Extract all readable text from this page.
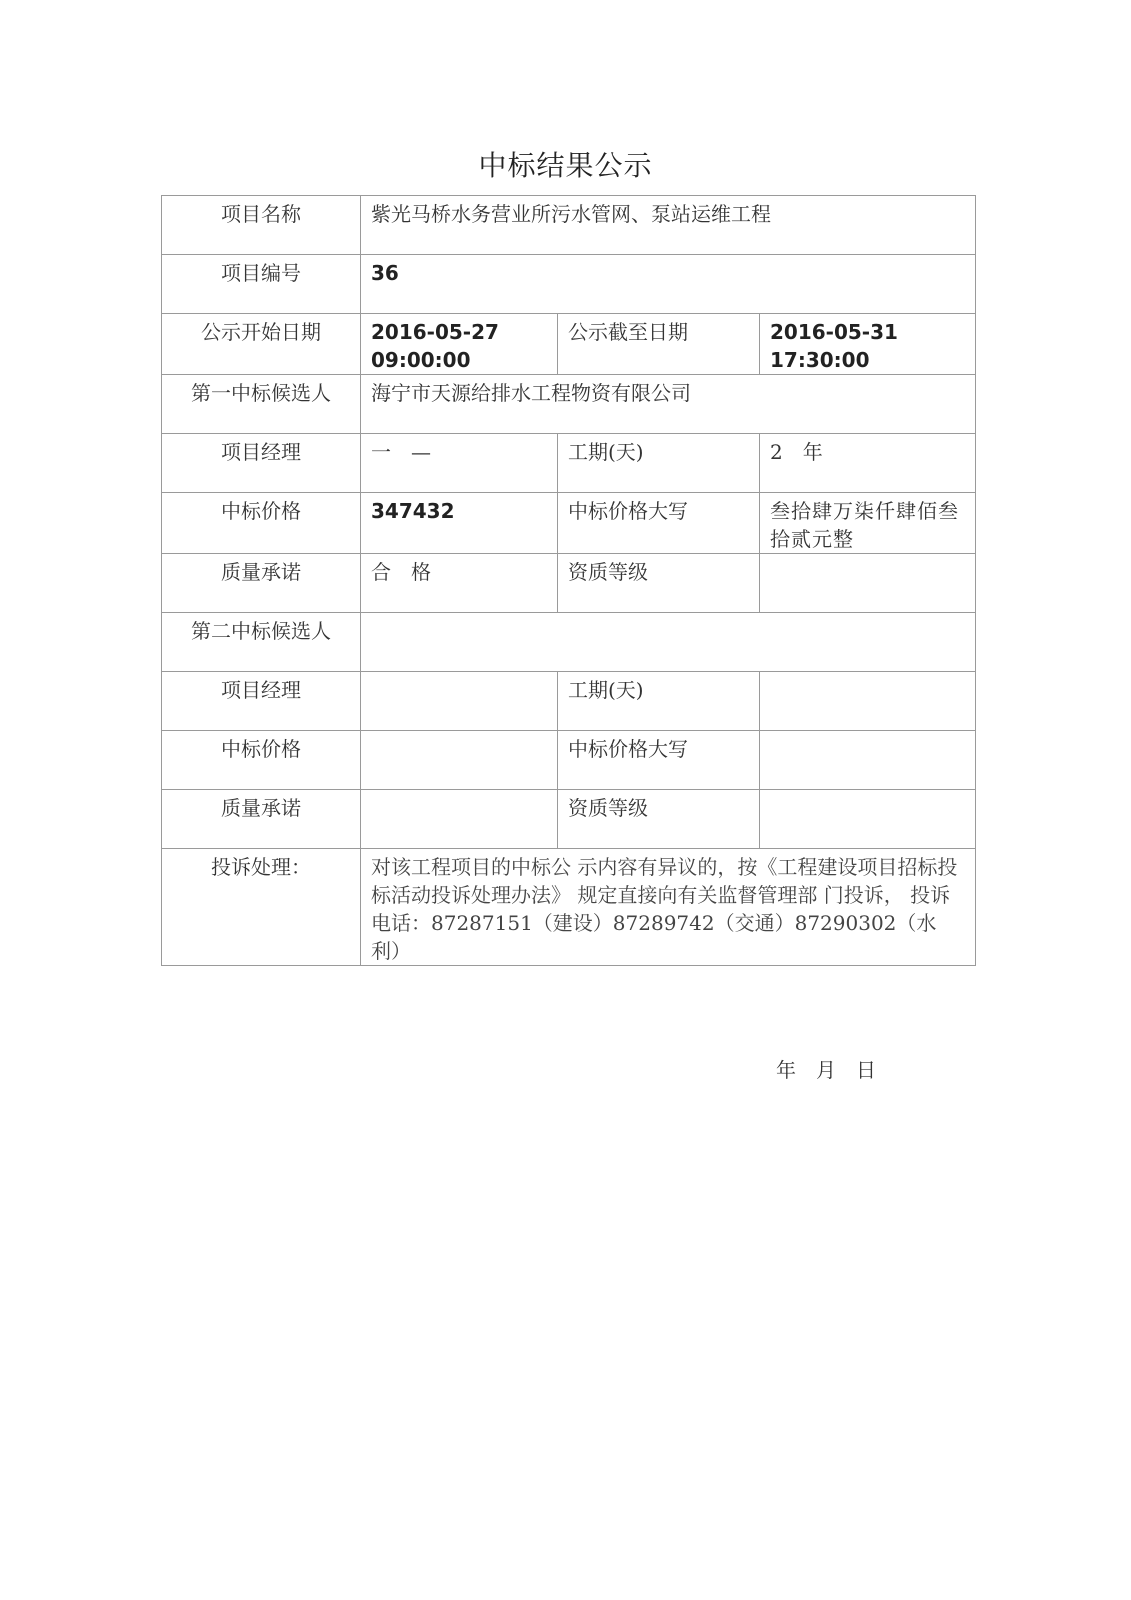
中标结果公示
项目名称	紫光马桥水务营业所污水管网、泵站运维工程		
项目编号	36		
公示开始日期	2016-05-27 09:00:00	公示截至日期	2016-05-31 17:30:00
第一中标候选人	海宁市天源给排水工程物资有限公司		
项目经理	一　—	工期(天)	2　年
中标价格	347432	中标价格大写	叁拾肆万柒仟肆佰叁拾贰元整
质量承诺	合　格	资质等级	
第二中标候选人			
项目经理		工期(天)	
中标价格		中标价格大写	
质量承诺		资质等级	
投诉处理：	对该工程项目的中标公 示内容有异议的，按《工程建设项目招标投标活动投诉处理办法》 规定直接向有关监督管理部 门投诉， 投诉电话：87287151（建设）87289742（交通）87290302（水利）		
年　月　日
